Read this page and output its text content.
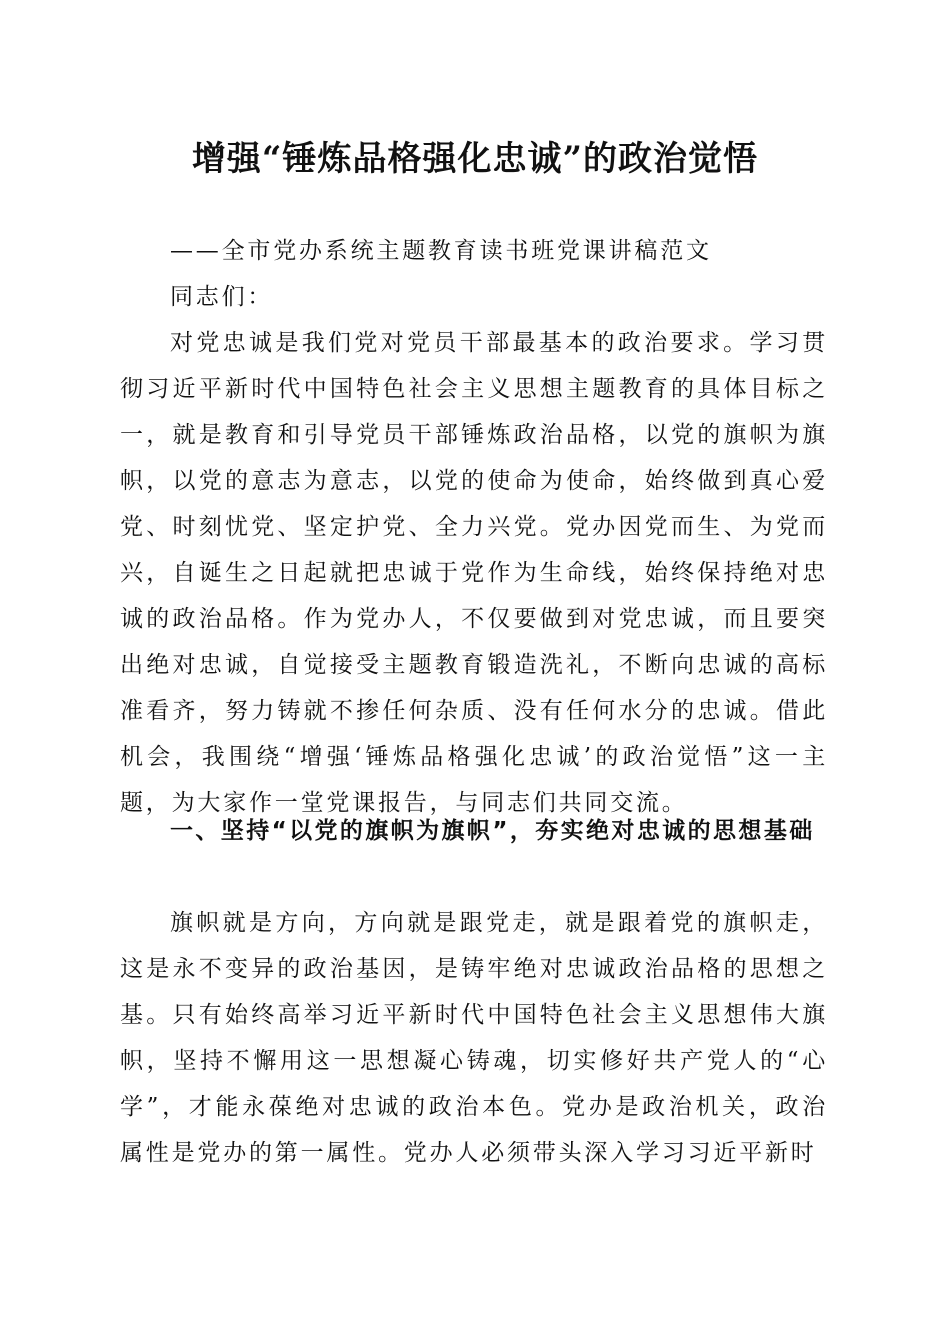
增强“锤炼品格强化忠诚”的政治觉悟

——全市党办系统主题教育读书班党课讲稿范文

同志们：

对党忠诚是我们党对党员干部最基本的政治要求。学习贯彻习近平新时代中国特色社会主义思想主题教育的具体目标之一，就是教育和引导党员干部锤炼政治品格，以党的旗帜为旗帜，以党的意志为意志，以党的使命为使命，始终做到真心爱党、时刻忧党、坚定护党、全力兴党。党办因党而生、为党而兴，自诞生之日起就把忠诚于党作为生命线，始终保持绝对忠诚的政治品格。作为党办人，不仅要做到对党忠诚，而且要突出绝对忠诚，自觉接受主题教育锻造洗礼，不断向忠诚的高标准看齐，努力铸就不掺任何杂质、没有任何水分的忠诚。借此机会，我围绕“增强‘锤炼品格强化忠诚’的政治觉悟”这一主题，为大家作一堂党课报告，与同志们共同交流。

一、坚持“以党的旗帜为旗帜”，夯实绝对忠诚的思想基础

旗帜就是方向，方向就是跟党走，就是跟着党的旗帜走，这是永不变异的政治基因，是铸牢绝对忠诚政治品格的思想之基。只有始终高举习近平新时代中国特色社会主义思想伟大旗帜，坚持不懈用这一思想凝心铸魂，切实修好共产党人的“心学”，才能永葆绝对忠诚的政治本色。党办是政治机关，政治属性是党办的第一属性。党办人必须带头深入学习习近平新时
